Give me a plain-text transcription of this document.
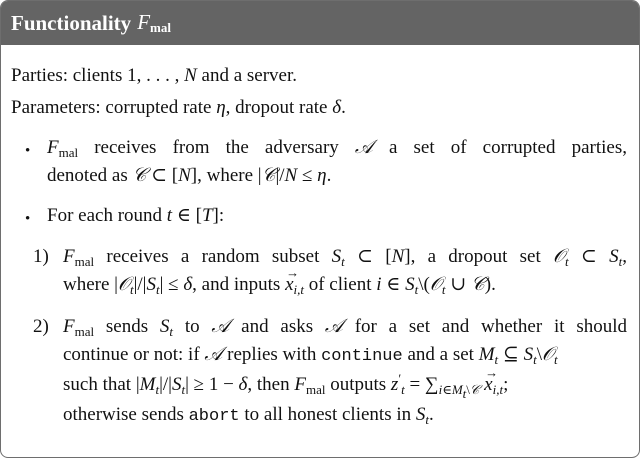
Functionality $F_{mal}$
Parties: clients 1, . . . , N and a server.
Parameters: corrupted rate η, dropout rate δ.
• $F_{mal}$ receives from the adversary 𝒜 a set of corrupted parties,
denoted as 𝒞 ⊂ [N], where |𝒞|/N ≤ η.
• For each round t ∈ [T]:
1) $F_{mal}$ receives a random subset $S_t$ ⊂ [N], a dropout set 𝒪$_t$ ⊂ $S_t$,
where $|𝒪_t|/|S_t| \le \delta$, and inputs → $x_{i,t}$ of client i ∈ $S_t\backslash(𝒪_t$ ∪ 𝒞).
2) $F_{mal}$ sends $S_t$ to 𝒜 and asks 𝒜 for a set and whether it should
continue or not: if 𝒜 replies with continue and a set $M_t$ ⊆ $S_t\backslash 𝒪_t$
such that $|M_t|/|S_t| \ge 1 - \delta$, then $F_{mal}$ outputs $z'_t = \sum_{i\in M_t\backslash 𝒞} \to x_{i,t}$;
otherwise sends abort to all honest clients in $S_t$.
